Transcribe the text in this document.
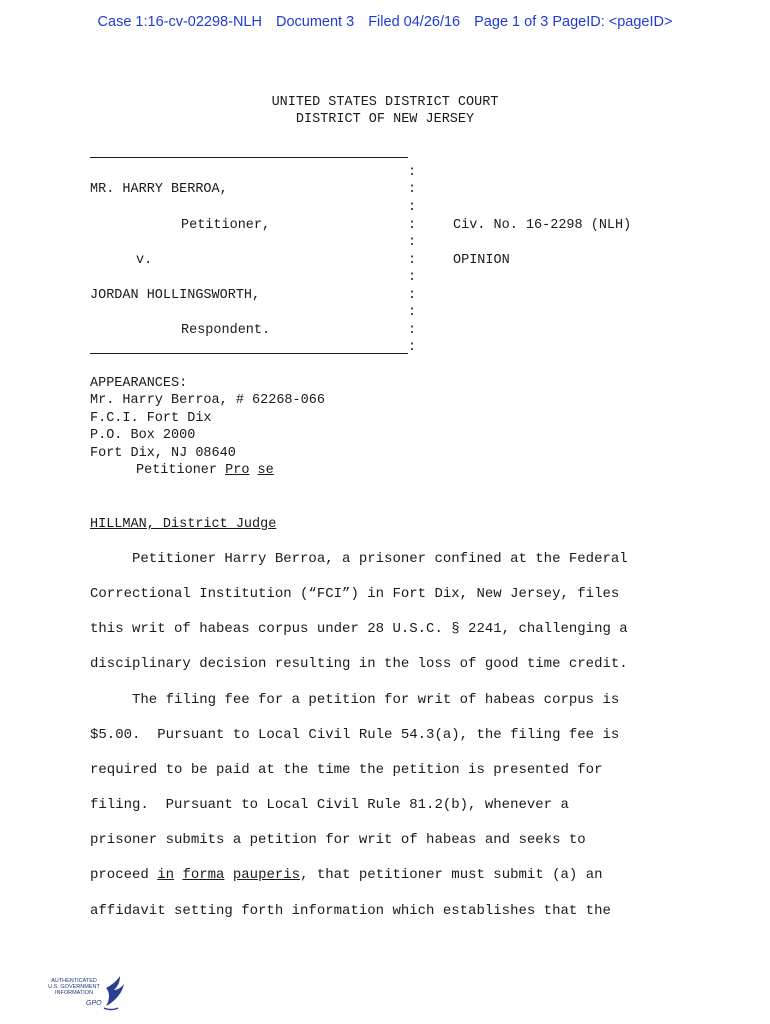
Case 1:16-cv-02298-NLH Document 3 Filed 04/26/16 Page 1 of 3 PageID: <pageID>
UNITED STATES DISTRICT COURT
DISTRICT OF NEW JERSEY
:
:
:
:
:
:
:
:
:
:
:
MR. HARRY BERROA,
Petitioner,
v.
JORDAN HOLLINGSWORTH,
Respondent.
Civ. No. 16-2298 (NLH)
OPINION
APPEARANCES:
Mr. Harry Berroa, # 62268-066
F.C.I. Fort Dix
P.O. Box 2000
Fort Dix, NJ 08640
Petitioner Pro se
HILLMAN, District Judge
Petitioner Harry Berroa, a prisoner confined at the Federal
Correctional Institution (“FCI”) in Fort Dix, New Jersey, files
this writ of habeas corpus under 28 U.S.C. § 2241, challenging a
disciplinary decision resulting in the loss of good time credit.
The filing fee for a petition for writ of habeas corpus is
$5.00.  Pursuant to Local Civil Rule 54.3(a), the filing fee is
required to be paid at the time the petition is presented for
filing.  Pursuant to Local Civil Rule 81.2(b), whenever a
prisoner submits a petition for writ of habeas and seeks to
proceed in forma pauperis, that petitioner must submit (a) an
affidavit setting forth information which establishes that the
AUTHENTICATED
U.S. GOVERNMENT
INFORMATION
GPO
